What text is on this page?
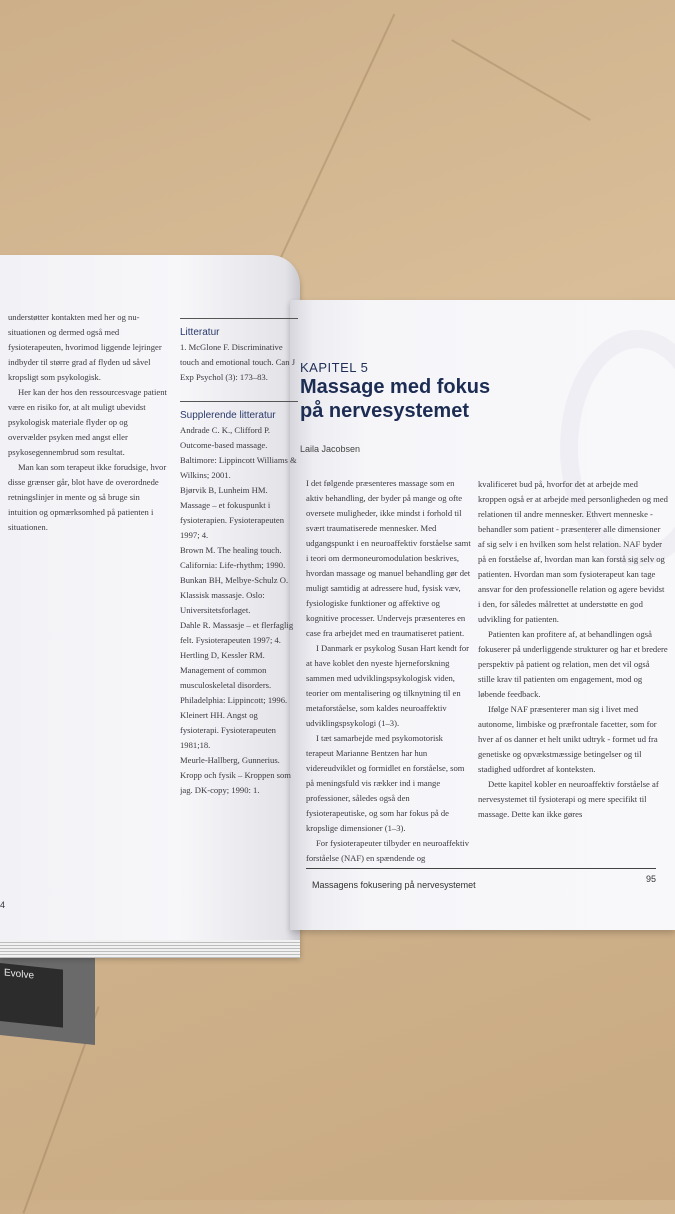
Evolve

understøtter kontakten med her og nu-situationen og dermed også med fysioterapeuten, hvorimod liggende lejringer indbyder til større grad af flyden ud såvel kropsligt som psykologisk.

Her kan der hos den ressourcesvage patient være en risiko for, at alt muligt ubevidst psykologisk materiale flyder op og overvælder psyken med angst eller psykosegennembrud som resultat.

Man kan som terapeut ikke forudsige, hvor disse grænser går, blot have de overordnede retningslinjer in mente og så bruge sin intuition og opmærksomhed på patienten i situationen.

Litteratur

1. McGlone F. Discriminative touch and emotional touch. Can J Exp Psychol (3): 173–83.

Supplerende litteratur

Andrade C. K., Clifford P. Outcome-based massage. Baltimore: Lippincott Williams & Wilkins; 2001.

Bjørvik B, Lunheim HM. Massage – et fokuspunkt i fysioterapien. Fysioterapeuten 1997; 4.

Brown M. The healing touch. California: Life-rhythm; 1990.

Bunkan BH, Melbye-Schulz O. Klassisk massasje. Oslo: Universitetsforlaget.

Dahle R. Massasje – et flerfaglig felt. Fysioterapeuten 1997; 4.

Hertling D, Kessler RM. Management of common musculoskeletal disorders. Philadelphia: Lippincott; 1996.

Kleinert HH. Angst og fysioterapi. Fysioterapeuten 1981;18.

Meurle-Hallberg, Gunnerius. Kropp och fysik – Kroppen som jag. DK-copy; 1990: 1.

4
KAPITEL 5
Massage med fokus på nervesystemet
Laila Jacobsen

I det følgende præsenteres massage som en aktiv behandling, der byder på mange og ofte oversete muligheder, ikke mindst i forhold til svært traumatiserede mennesker. Med udgangspunkt i en neuroaffektiv forståelse samt i teori om dermoneuromodulation beskrives, hvordan massage og manuel behandling gør det muligt samtidig at adressere hud, fysisk væv, fysiologiske funktioner og affektive og kognitive processer. Undervejs præsenteres en case fra arbejdet med en traumatiseret patient.

I Danmark er psykolog Susan Hart kendt for at have koblet den nyeste hjerneforskning sammen med udviklingspsykologisk viden, teorier om mentalisering og tilknytning til en metaforståelse, som kaldes neuroaffektiv udviklingspsykologi (1–3).

I tæt samarbejde med psykomotorisk terapeut Marianne Bentzen har hun videreudviklet og formidlet en forståelse, som på meningsfuld vis rækker ind i mange professioner, således også den fysioterapeutiske, og som har fokus på de kropslige dimensioner (1–3).

For fysioterapeuter tilbyder en neuroaffektiv forståelse (NAF) en spændende og

kvalificeret bud på, hvorfor det at arbejde med kroppen også er at arbejde med personligheden og med relationen til andre mennesker. Ethvert menneske - behandler som patient - præsenterer alle dimensioner af sig selv i en hvilken som helst relation. NAF byder på en forståelse af, hvordan man kan forstå sig selv og patienten. Hvordan man som fysioterapeut kan tage ansvar for den professionelle relation og agere bevidst i den, for således målrettet at understøtte en god udvikling for patienten.

Patienten kan profitere af, at behandlingen også fokuserer på underliggende strukturer og har et bredere perspektiv på patient og relation, men det vil også stille krav til patienten om engagement, mod og løbende feedback.

Ifølge NAF præsenterer man sig i livet med autonome, limbiske og præfrontale facetter, som for hver af os danner et helt unikt udtryk - formet ud fra genetiske og opvækstmæssige betingelser og til stadighed udfordret af konteksten.

Dette kapitel kobler en neuroaffektiv forståelse af nervesystemet til fysioterapi og mere specifikt til massage. Dette kan ikke gøres

Massagens fokusering på nervesystemet
95
